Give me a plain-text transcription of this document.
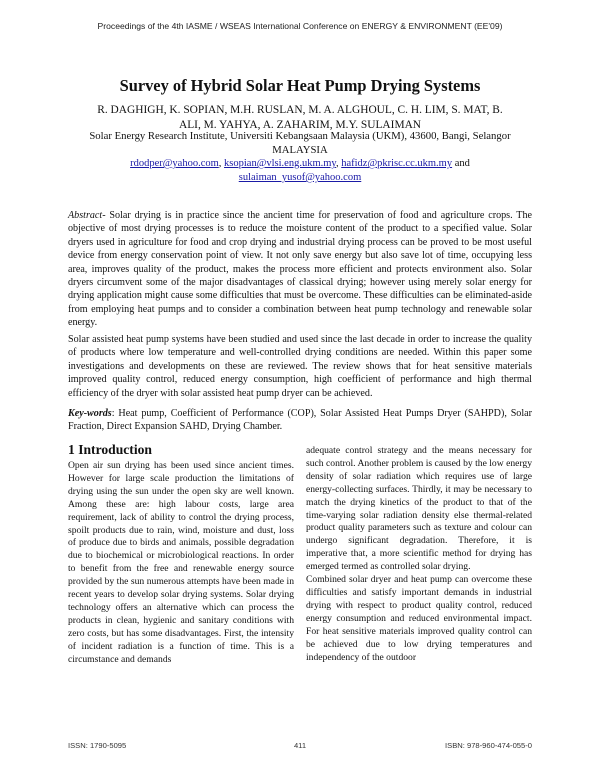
Proceedings of the 4th IASME / WSEAS International Conference on ENERGY & ENVIRONMENT (EE'09)
Survey of Hybrid Solar Heat Pump Drying Systems
R. DAGHIGH, K. SOPIAN, M.H. RUSLAN, M. A. ALGHOUL, C. H. LIM, S. MAT, B.
ALI, M. YAHYA, A. ZAHARIM, M.Y. SULAIMAN
Solar Energy Research Institute, Universiti Kebangsaan Malaysia (UKM), 43600, Bangi, Selangor
MALAYSIA
rdodper@yahoo.com, ksopian@vlsi.eng.ukm.my, hafidz@pkrisc.cc.ukm.my and
sulaiman_yusof@yahoo.com
Abstract- Solar drying is in practice since the ancient time for preservation of food and agriculture crops. The objective of most drying processes is to reduce the moisture content of the product to a specified value. Solar dryers used in agriculture for food and crop drying and industrial drying process can be proved to be most useful device from energy conservation point of view. It not only save energy but also save lot of time, occupying less area, improves quality of the product, makes the process more efficient and protects environment also. Solar dryers circumvent some of the major disadvantages of classical drying; however using merely solar energy for drying application might cause some difficulties that must be overcome. These difficulties can be eliminated-aside from employing heat pumps and to consider a combination between heat pump technology and renewable solar energy.
Solar assisted heat pump systems have been studied and used since the last decade in order to increase the quality of products where low temperature and well-controlled drying conditions are needed. Within this paper some investigations and developments on these are reviewed. The review shows that for heat sensitive materials improved quality control, reduced energy consumption, high coefficient of performance and high thermal efficiency of the dryer with solar assisted heat pump dryer can be achieved.
Key-words: Heat pump, Coefficient of Performance (COP), Solar Assisted Heat Pumps Dryer (SAHPD), Solar Fraction, Direct Expansion SAHD, Drying Chamber.
1 Introduction

Open air sun drying has been used since ancient times. However for large scale production the limitations of drying using the sun under the open sky are well known. Among these are: high labour costs, large area requirement, lack of ability to control the drying process, spoilt products due to rain, wind, moisture and dust, loss of produce due to birds and animals, possible degradation due to biochemical or microbiological reactions. In order to benefit from the free and renewable energy source provided by the sun numerous attempts have been made in recent years to develop solar drying systems. Solar drying technology offers an alternative which can process the products in clean, hygienic and sanitary conditions with zero costs, but has some disadvantages. First, the intensity of incident radiation is a function of time. This is a circumstance and demands

adequate control strategy and the means necessary for such control. Another problem is caused by the low energy density of solar radiation which requires use of large energy-collecting surfaces. Thirdly, it may be necessary to match the drying kinetics of the product to that of the time-varying solar radiation density else thermal-related product quality parameters such as texture and colour can undergo significant degradation. Therefore, it is imperative that, a more scientific method for drying has emerged termed as controlled solar drying.

Combined solar dryer and heat pump can overcome these difficulties and satisfy important demands in industrial drying with respect to product quality control, reduced energy consumption and reduced environmental impact. For heat sensitive materials improved quality control can be achieved due to low drying temperatures and independency of the outdoor

ISSN: 1790-5095	411	ISBN: 978-960-474-055-0
